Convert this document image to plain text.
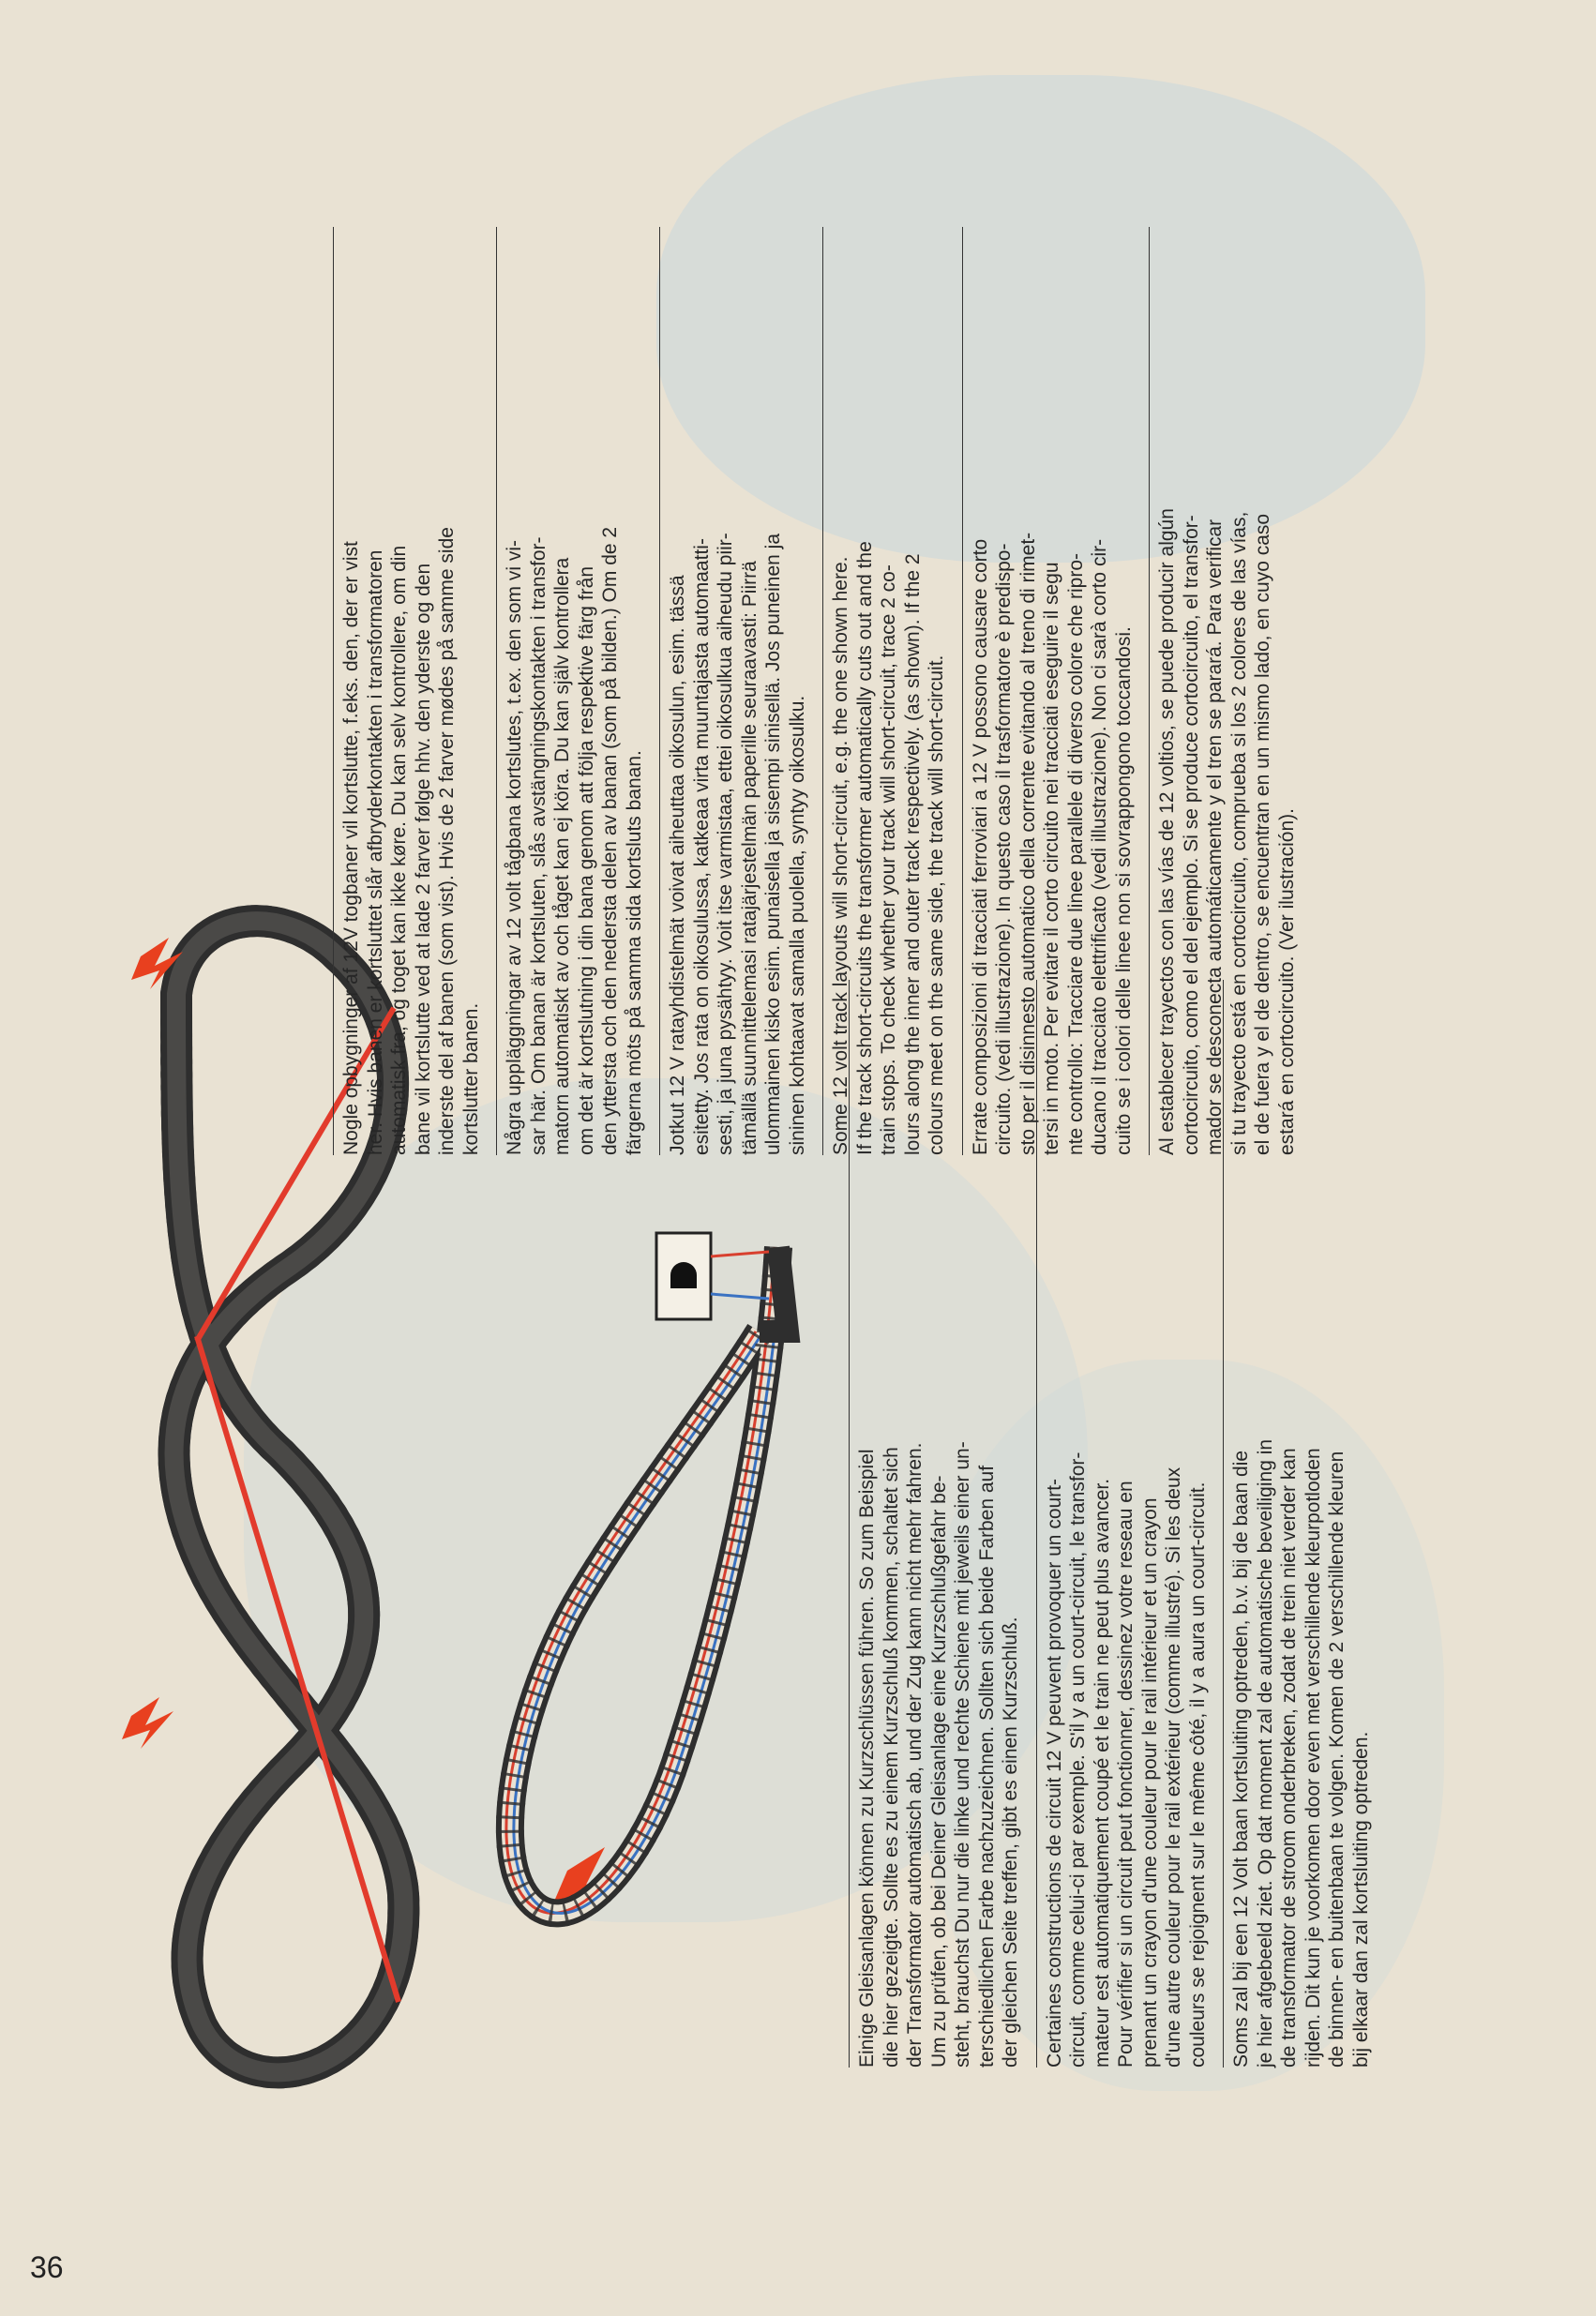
36
Einige Gleisanlagen können zu Kurzschlüssen führen. So zum Beispiel
die hier gezeigte. Sollte es zu einem Kurzschluß kommen, schaltet sich
der Transformator automatisch ab, und der Zug kann nicht mehr fahren.
Um zu prüfen, ob bei Deiner Gleisanlage eine Kurzschlußgefahr be-
steht, brauchst Du nur die linke und rechte Schiene mit jeweils einer un-
terschiedlichen Farbe nachzuzeichnen. Sollten sich beide Farben auf
der gleichen Seite treffen, gibt es einen Kurzschluß.
Certaines constructions de circuit 12 V peuvent provoquer un court-
circuit, comme celui-ci par exemple. S'il y a un court-circuit, le transfor-
mateur est automatiquement coupé et le train ne peut plus avancer.
Pour vérifier si un circuit peut fonctionner, dessinez votre reseau en
prenant un crayon d'une couleur pour le rail intérieur et un crayon
d'une autre couleur pour le rail extérieur (comme illustré). Si les deux
couleurs se rejoignent sur le même côté, il y a aura un court-circuit.
Soms zal bij een 12 Volt baan kortsluiting optreden, b.v. bij de baan die
je hier afgebeeld ziet. Op dat moment zal de automatische beveiliging in
de transformator de stroom onderbreken, zodat de trein niet verder kan
rijden. Dit kun je voorkomen door even met verschillende kleurpotloden
de binnen- en buitenbaan te volgen. Komen de 2 verschillende kleuren
bij elkaar dan zal kortsluiting optreden.
Nogle opbygninger af 12V togbaner vil kortslutte, f.eks. den, der er vist
her. Hvis banen er kortsluttet slår afbryderkontakten i transformatoren
automatisk fra, og toget kan ikke køre. Du kan selv kontrollere, om din
bane vil kortslutte ved at lade 2 farver følge hhv. den yderste og den
inderste del af banen (som vist). Hvis de 2 farver mødes på samme side
kortslutter banen.
Några uppläggningar av 12 volt tågbana kortslutes, t.ex. den som vi vi-
sar här. Om banan är kortsluten, slås avstängningskontakten i transfor-
matorn automatiskt av och tåget kan ej köra. Du kan själv kontrollera
om det är kortslutning i din bana genom att följa respektive färg från
den yttersta och den nedersta delen av banan (som på bilden.) Om de 2
färgerna möts på samma sida kortsluts banan.
Jotkut 12 V ratayhdistelmät voivat aiheuttaa oikosulun, esim. tässä
esitetty. Jos rata on oikosulussa, katkeaa virta muuntajasta automaatti-
sesti, ja juna pysähtyy. Voit itse varmistaa, ettei oikosulkua aiheudu piir-
tämällä suunnittelemasi ratajärjestelmän paperille seuraavasti: Piirrä
ulommainen kisko esim. punaisella ja sisempi sinisellä. Jos puneinen ja
sininen kohtaavat samalla puolella, syntyy oikosulku.
Some 12 volt track layouts will short-circuit, e.g. the one shown here.
If the track short-circuits the transformer automatically cuts out and the
train stops. To check whether your track will short-circuit, trace 2 co-
lours along the inner and outer track respectively. (as shown). If the 2
colours meet on the same side, the track will short-circuit.
Errate composizioni di tracciati ferroviari a 12 V possono causare corto
circuito. (vedi illustrazione). In questo caso il trasformatore è predispo-
sto per il disinnesto automatico della corrente evitando al treno di rimet-
tersi in moto. Per evitare il corto circuito nei tracciati eseguire il segu
nte controllo: Tracciare due linee parallele di diverso colore che ripro-
ducano il tracciato elettrificato (vedi illustrazione). Non ci sarà corto cir-
cuito se i colori delle linee non si sovrappongono toccandosi.
Al establecer trayectos con las vías de 12 voltios, se puede producir algún
cortocircuito, como el del ejemplo. Si se produce cortocircuito, el transfor-
mador se desconecta automáticamente y el tren se parará. Para verificar
si tu trayecto está en cortocircuito, comprueba si los 2 colores de las vías,
el de fuera y el de dentro, se encuentran en un mismo lado, en cuyo caso
estará en cortocircuito. (Ver ilustración).
